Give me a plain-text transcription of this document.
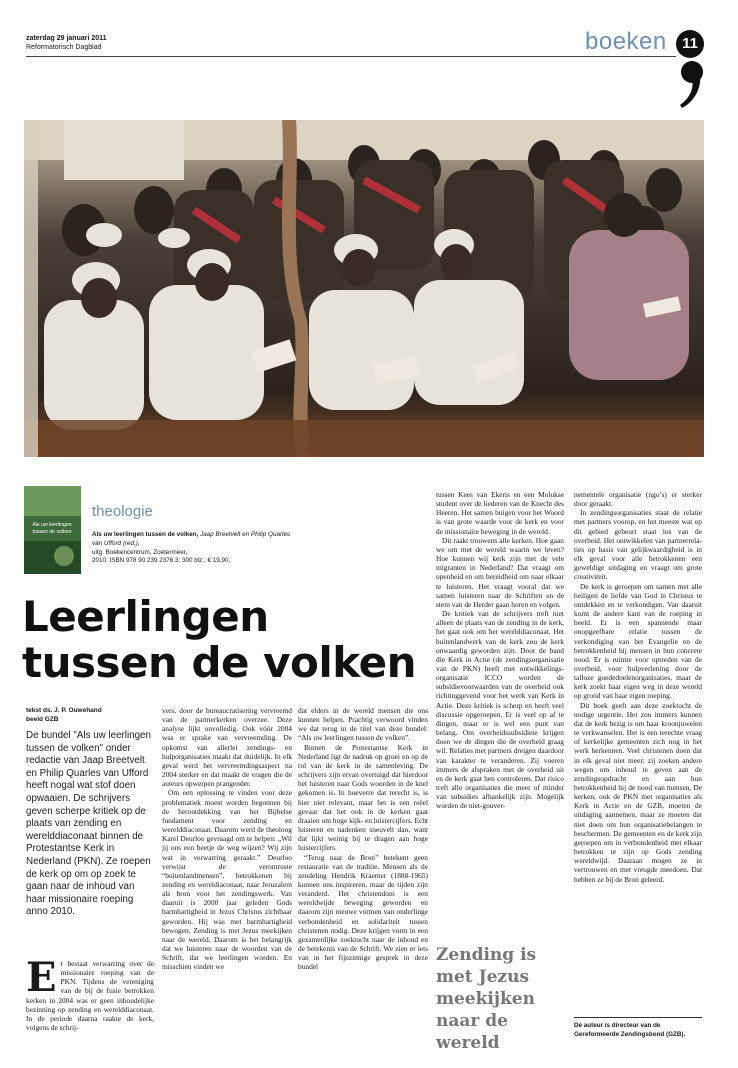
zaterdag 29 januari 2011
Reformatorisch Dagblad	boeken	11
Als uw leerlingen
tussen de volken
theologie
Als uw leerlingen tussen de volken, Jaap Breetvelt en Philip Quarles van Ufford (red.),
uitg. Boekencentrum, Zoetermeer,
2010; ISBN 978 90 239 2376 3; 300 blz.; € 19,90.
Leerlingen
tussen de volken
tekst ds. J. P. Ouwehand
beeld GZB
De bundel "Als uw leerlingen tussen de volken" onder redactie van Jaap Breetvelt en Philip Quarles van Ufford heeft nogal wat stof doen opwaaien. De schrijvers geven scherpe kritiek op de plaats van zending en werelddiaconaat binnen de Protestantse Kerk in Nederland (PKN). Ze roepen de kerk op om op zoek te gaan naar de inhoud van haar missionaire roeping anno 2010.
E r bestaat verwarring over de missionaire roeping van de PKN. Tijdens de vereniging van de bij de fusie betrokken kerken in 2004 was er geen inhoudelijke bezinning op zending en werelddiaconaat. In de periode daarna raakte de kerk, volgens de schrij-

vers, door de bureaucratisering vervreemd van de partnerkerken overzee. Deze analyse lijkt onvolledig. Ook vóór 2004 was er sprake van vervreemding. De opkomst van allerlei zendings- en hulporganisaties maakt dat duidelijk. In elk geval werd het vervreemdingsaspect na 2004 sterker en dat maakt de vragen die de auteurs opwerpen prangender.

Om een oplossing te vinden voor deze problematiek moest worden begonnen bij de herontdekking van het Bijbelse fundament voor zending en werelddiaconaat. Daarom werd de theoloog Karel Deurloo gevraagd om te helpen: „Wil jij ons een beetje de weg wijzen? Wij zijn wat in verwarring geraakt.” Deurloo verwijst de verontruste “buitenlandmensen”, betrokkenen bij zending en wereldiaconaat, naar Jeruzalem als bron voor het zendingswerk. Van daaruit is 2000 jaar geleden Gods barmhartigheid in Jezus Christus zichtbaar geworden. Hij was met barmhartigheid bewogen. Zending is met Jezus meekijken naar de wereld. Daarom is het belangrijk dat we luisteren naar de woorden van de Schrift, dat we leerlingen worden. En misschien vinden we

dat elders in de wereld mensen die ons kunnen helpen. Prachtig verwoord vinden we dat terug in de titel van deze bundel: “Als uw leerlingen tussen de volken”.

Binnen de Protestantse Kerk in Nederland ligt de nadruk op groei en op de rol van de kerk in de samenleving. De schrijvers zijn ervan overtuigd dat hierdoor het luisteren naar Gods woorden in de knel gekomen is. In hoeverre dat terecht is, is hier niet relevant, maar het is een reëel gevaar dat het ook in de kerken gaat draaien om hoge kijk- en luistercijfers. Echt luisteren en nadenken sneuvelt dan, want dat lijkt weinig bij te dragen aan hoge luistercijfers.

“Terug naar de Bron” betekent geen restauratie van de traditie. Mensen als de zendeling Hendrik Kraemer (1888-1965) kunnen ons inspireren, maar de tijden zijn veranderd. Het christendom is een wereldwijde beweging geworden en daarom zijn nieuwe vormen van onderlinge verbondenheid en solidariteit tussen christenen nodig. Deze krijgen vorm in een gezamenlijke zoektocht naar de inhoud en de betekenis van de Schrift. We zien er iets van in het fijnzinnige gesprek in deze bundel

tussen Kees van Ekeris en een Molukse student over de liederen van de Knecht des Heeren. Het samen buigen voor het Woord is van grote waarde voor de kerk en voor de missionaire beweging in de wereld.

Dit raakt trouwens alle kerken. Hoe gaan we om met de wereld waarin we leven? Hoe kunnen wij kerk zijn met de vele migranten in Nederland? Dat vraagt om openheid en om bereidheid om naar elkaar te luisteren. Het vraagt vooral dat we samen luisteren naar de Schriften en de stem van de Herder gaan horen en volgen.

De kritiek van de schrijvers treft niet alleen de plaats van de zending in de kerk, het gaat ook om het werelddiaconaat. Het buitenlandwerk van de kerk zou de kerk onwaardig geworden zijn. Door de band die Kerk in Actie (de zendingsorganisatie van de PKN) heeft met ontwikkelingsorganisatie ICCO worden de subsidievoorwaarden van de overheid ook richtinggevend voor het werk van Kerk in Actie. Deze kritiek is scherp en heeft veel discussie opgeroepen. Er is veel op af te dingen, maar er is wel een punt van belang. Om overheidssubsidiete krijgen doen we de dingen die de overheid graag wil. Relaties met partners dreigen daardoor van karakter te veranderen. Zij voeren immers de afspraken met de overheid uit en de kerk gaat hen controleren. Dat risico treft alle organisaties die meer of minder van subsidies afhankelijk zijn. Mogelijk worden de niet-gouver-

Zending is met Jezus meekijken naar de wereld

nementele organisatie (ngo’s) er sterker door geraakt.

In zendingsorganisaties staat de relatie met partners voorop, en het meeste wat op dit gebied gebeurt staat los van de overheid. Het ontwikkelen van partnerrelaties op basis van gelijkwaardigheid is in elk geval voor alle betrokkenen een geweldige uitdaging en vraagt om grote creativiteit.

De kerk is geroepen om samen met alle heiligen de liefde van God in Christus te ontdekken en te verkondigen. Van daaruit komt de andere kant van de roeping in beeld. Er is een spannende maar onopgeefbare relatie tussen de verkondiging van het Evangelie en de betrokkenheid bij mensen in hun concrete nood. Er is ruimte voor optreden van de overheid, voor hulpverlening door de talloze goededoelenorganisaties, maar de kerk zoekt haar eigen weg in deze wereld op grond van haar eigen roeping.

Dit boek geeft aan deze zoektocht de nodige urgentie. Het zou immers kunnen dat de kerk bezig is om haar kroonjuwelen te verkwanselen. Het is een terechte vraag of kerkelijke gemeenten zich nog in het werk herkennen. Veel christenen doen dat in elk geval niet meer; zij zoeken andere wegen om inhoud te geven aan de zendingsopdracht en aan hun betrokkenheid bij de nood van mensen. De kerken, ook de PKN met organisaties als Kerk in Actie en de GZB, moeten de uitdaging aannemen, maar ze moeten dat niet doen om hun organisatiebelangen te beschermen. De gemeenten en de kerk zijn geroepen om in verbondenheid met elkaar betrokken te zijn op Gods zending wereldwijd. Daaraan mogen ze in vertrouwen en met vreugde meedoen. Dat hebben ze bij de Bron geleerd.

De auteur is directeur van de Gereformeerde Zendingsbond (GZB).
